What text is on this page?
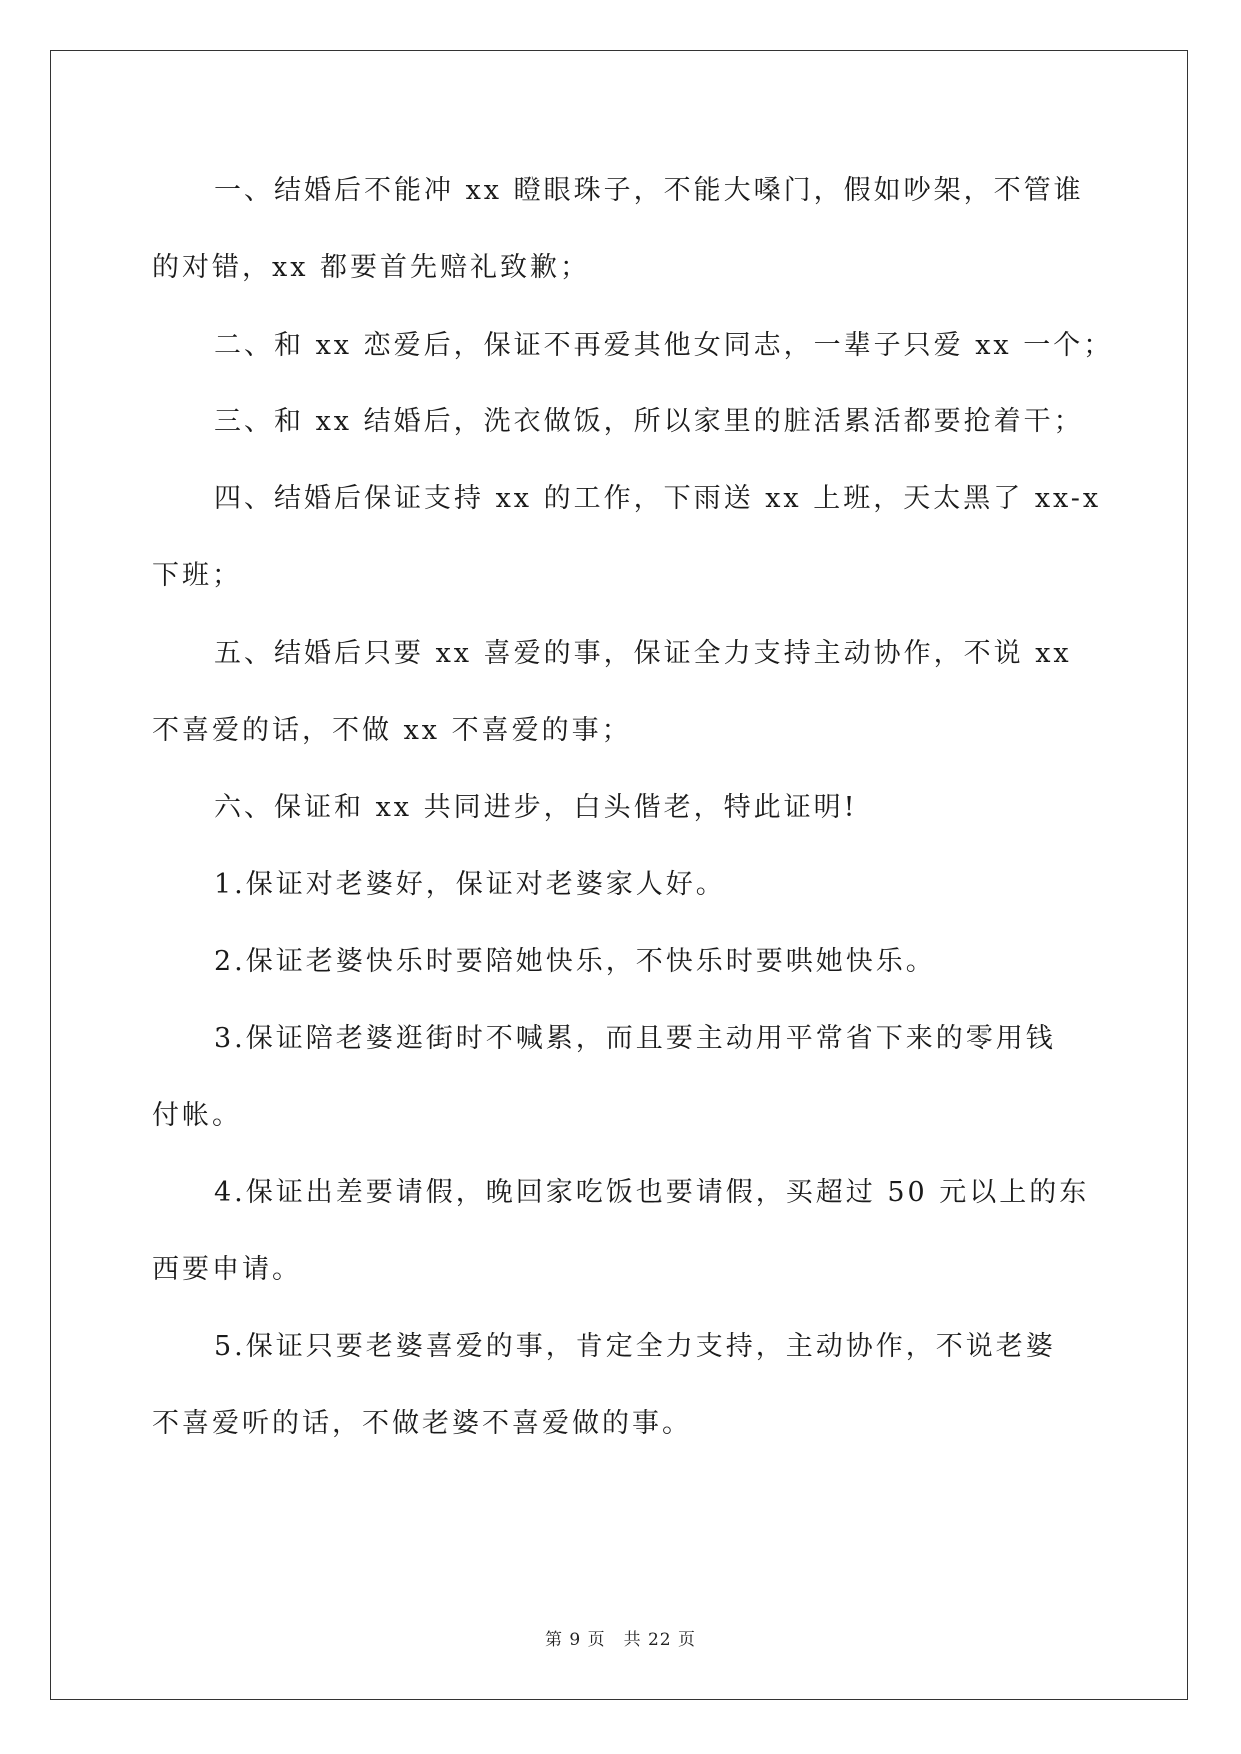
一、结婚后不能冲 xx 瞪眼珠子，不能大嗓门，假如吵架，不管谁
的对错，xx 都要首先赔礼致歉；
二、和 xx 恋爱后，保证不再爱其他女同志，一辈子只爱 xx 一个；
三、和 xx 结婚后，洗衣做饭，所以家里的脏活累活都要抢着干；
四、结婚后保证支持 xx 的工作，下雨送 xx 上班，天太黑了 xx-x
下班；
五、结婚后只要 xx 喜爱的事，保证全力支持主动协作，不说 xx
不喜爱的话，不做 xx 不喜爱的事；
六、保证和 xx 共同进步，白头偕老，特此证明!
1.保证对老婆好，保证对老婆家人好。
2.保证老婆快乐时要陪她快乐，不快乐时要哄她快乐。
3.保证陪老婆逛街时不喊累，而且要主动用平常省下来的零用钱
付帐。
4.保证出差要请假，晚回家吃饭也要请假，买超过 50 元以上的东
西要申请。
5.保证只要老婆喜爱的事，肯定全力支持，主动协作，不说老婆
不喜爱听的话，不做老婆不喜爱做的事。
第 9 页 共 22 页
